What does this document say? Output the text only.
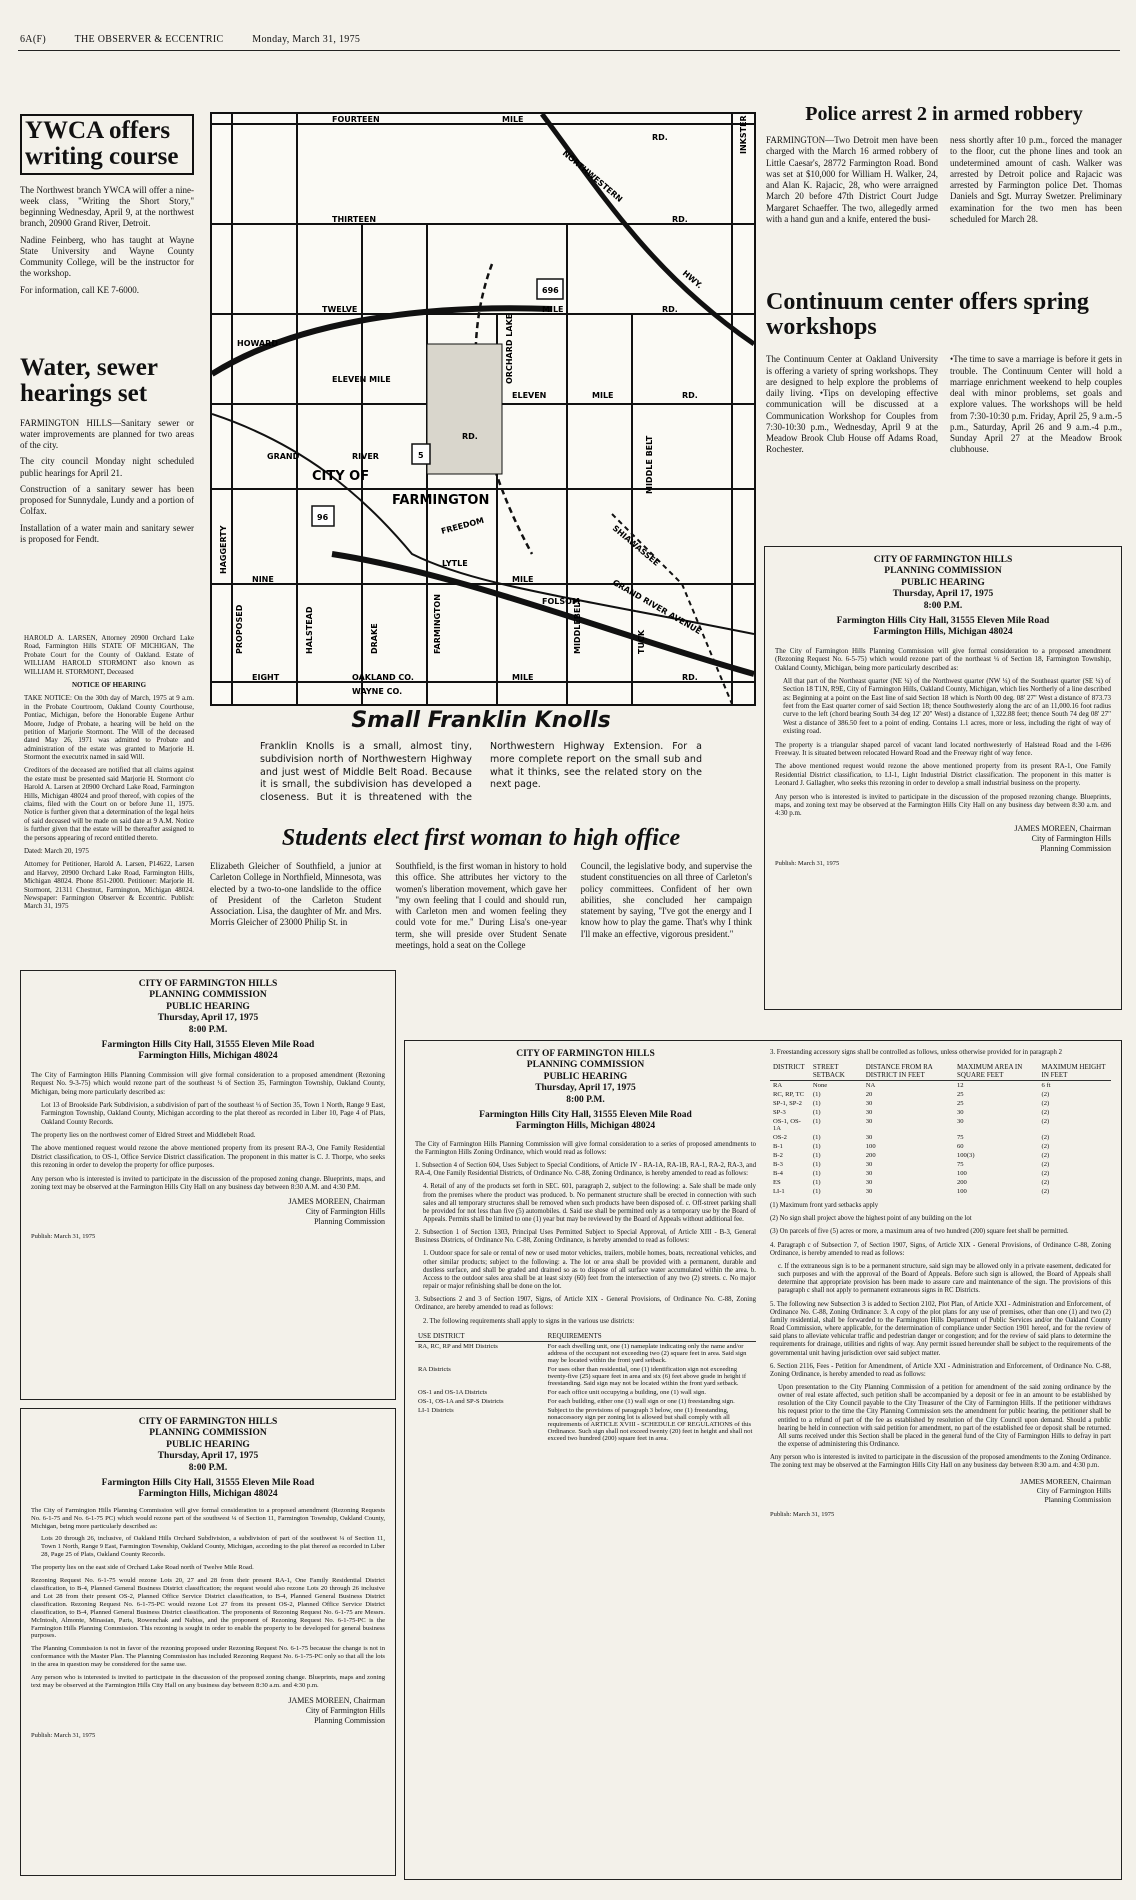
6A(F)	THE OBSERVER & ECCENTRIC	Monday, March 31, 1975
YWCA offers writing course

The Northwest branch YWCA will offer a nine-week class, "Writing the Short Story," beginning Wednesday, April 9, at the northwest branch, 20900 Grand River, Detroit.

Nadine Feinberg, who has taught at Wayne State University and Wayne County Community College, will be the instructor for the workshop.

For information, call KE 7-6000.

Water, sewer hearings set

FARMINGTON HILLS—Sanitary sewer or water improvements are planned for two areas of the city.

The city council Monday night scheduled public hearings for April 21.

Construction of a sanitary sewer has been proposed for Sunnydale, Lundy and a portion of Colfax.

Installation of a water main and sanitary sewer is proposed for Fendt.

HAROLD A. LARSEN, Attorney 20900 Orchard Lake Road, Farmington Hills STATE OF MICHIGAN, The Probate Court for the County of Oakland. Estate of WILLIAM HAROLD STORMONT also known as WILLIAM H. STORMONT, Deceased

NOTICE OF HEARING

TAKE NOTICE: On the 30th day of March, 1975 at 9 a.m. in the Probate Courtroom, Oakland County Courthouse, Pontiac, Michigan, before the Honorable Eugene Arthur Moore, Judge of Probate, a hearing will be held on the petition of Marjorie Stormont. The Will of the deceased dated May 26, 1971 was admitted to Probate and administration of the estate was granted to Marjorie H. Stormont the executrix named in said Will.

Creditors of the deceased are notified that all claims against the estate must be presented said Marjorie H. Stormont c/o Harold A. Larsen at 20900 Orchard Lake Road, Farmington Hills, Michigan 48024 and proof thereof, with copies of the claims, filed with the Court on or before June 11, 1975. Notice is further given that a determination of the legal heirs of said deceased will be made on said date at 9 A.M. Notice is further given that the estate will be thereafter assigned to the persons appearing of record entitled thereto.

Dated: March 20, 1975

Attorney for Petitioner, Harold A. Larsen, P14622, Larsen and Harvey, 20900 Orchard Lake Road, Farmington Hills, Michigan 48024. Phone 851-2000. Petitioner: Marjorie H. Stormont, 21311 Chestnut, Farmington, Michigan 48024. Newspaper: Farmington Observer & Eccentric. Publish: March 31, 1975

FOURTEEN	MILE
RD.
THIRTEEN	RD.
TWELVE	MILE	RD.
HOWARD
ELEVEN MILE
ELEVEN	MILE	RD.
GRAND	RIVER
RD.
CITY OF
FARMINGTON
NINE	MILE
EIGHT	OAKLAND CO.
WAYNE CO.
MILE	RD.
NORTHWESTERN
HWY.
INKSTER
HAGGERTY
PROPOSED	HALSTEAD	DRAKE	FARMINGTON
ORCHARD LAKE
MIDDLEBELT	TUCK
GRAND RIVER AVENUE
FREEDOM	SHIAWASSEE
FOLSOM
MIDDLE BELT
LYTLE
696
96
5
Small Franklin Knolls
Franklin Knolls is a small, almost tiny, subdivision north of Northwestern Highway and just west of Middle Belt Road. Because it is small, the subdivision has developed a closeness. But it is threatened with the Northwestern Highway Extension. For a more complete report on the small sub and what it thinks, see the related story on the next page.
Students elect first woman to high office
Elizabeth Gleicher of Southfield, a junior at Carleton College in Northfield, Minnesota, was elected by a two-to-one landslide to the office of President of the Carleton Student Association. Lisa, the daughter of Mr. and Mrs. Morris Gleicher of 23000 Philip St. in
Southfield, is the first woman in history to hold this office. She attributes her victory to the women's liberation movement, which gave her "my own feeling that I could and should run, with Carleton men and women feeling they could vote for me." During Lisa's one-year term, she will preside over Student Senate meetings, hold a seat on the College
Council, the legislative body, and supervise the student constituencies on all three of Carleton's policy committees. Confident of her own abilities, she concluded her campaign statement by saying, "I've got the energy and I know how to play the game. That's why I think I'll make an effective, vigorous president."
Police arrest 2 in armed robbery
FARMINGTON—Two Detroit men have been charged with the March 16 armed robbery of Little Caesar's, 28772 Farmington Road. Bond was set at $10,000 for William H. Walker, 24, and Alan K. Rajacic, 28, who were arraigned March 20 before 47th District Court Judge Margaret Schaeffer. The two, allegedly armed with a hand gun and a knife, entered the busi-
ness shortly after 10 p.m., forced the manager to the floor, cut the phone lines and took an undetermined amount of cash. Walker was arrested by Detroit police and Rajacic was arrested by Farmington police Det. Thomas Daniels and Sgt. Murray Swetzer. Preliminary examination for the two men has been scheduled for March 28.
Continuum center offers spring workshops
The Continuum Center at Oakland University is offering a variety of spring workshops. They are designed to help explore the problems of daily living. •Tips on developing effective communication will be discussed at a Communication Workshop for Couples from 7:30-10:30 p.m., Wednesday, April 9 at the Meadow Brook Club House off Adams Road, Rochester.
•The time to save a marriage is before it gets in trouble. The Continuum Center will hold a marriage enrichment weekend to help couples deal with minor problems, set goals and explore values. The workshops will be held from 7:30-10:30 p.m. Friday, April 25, 9 a.m.-5 p.m., Saturday, April 26 and 9 a.m.-4 p.m., Sunday April 27 at the Meadow Brook clubhouse.
CITY OF FARMINGTON HILLS
PLANNING COMMISSION
PUBLIC HEARING
Thursday, April 17, 1975
8:00 P.M.
Farmington Hills City Hall, 31555 Eleven Mile Road
Farmington Hills, Michigan 48024

The City of Farmington Hills Planning Commission will give formal consideration to a proposed amendment (Rezoning Request No. 6-5-75) which would rezone part of the northeast ¼ of Section 18, Farmington Township, Oakland County, Michigan, being more particularly described as:

All that part of the Northeast quarter (NE ¼) of the Northwest quarter (NW ¼) of the Southeast quarter (SE ¼) of Section 18 T1N, R9E, City of Farmington Hills, Oakland County, Michigan, which lies Northerly of a line described as: Beginning at a point on the East line of said Section 18 which is North 00 deg. 08' 27" West a distance of 873.73 feet from the East quarter corner of said Section 18; thence Southwesterly along the arc of an 11,000.16 foot radius curve to the left (chord bearing South 34 deg 12' 20" West) a distance of 1,322.88 feet; thence South 74 deg 08' 27" West a distance of 386.50 feet to a point of ending. Contains 1.1 acres, more or less, including the right of way of existing road.

The property is a triangular shaped parcel of vacant land located northwesterly of Halstead Road and the I-696 Freeway. It is situated between relocated Howard Road and the Freeway right of way fence.

The above mentioned request would rezone the above mentioned property from its present RA-1, One Family Residential District classification, to LI-1, Light Industrial District classification. The proponent in this matter is Leonard J. Gallagher, who seeks this rezoning in order to develop a small industrial business on the property.

Any person who is interested is invited to participate in the discussion of the proposed rezoning change. Blueprints, maps, and zoning text may be observed at the Farmington Hills City Hall on any business day between 8:30 a.m. and 4:30 p.m.

JAMES MOREEN, Chairman
City of Farmington Hills
Planning Commission
Publish: March 31, 1975
CITY OF FARMINGTON HILLS
PLANNING COMMISSION
PUBLIC HEARING
Thursday, April 17, 1975
8:00 P.M.
Farmington Hills City Hall, 31555 Eleven Mile Road
Farmington Hills, Michigan 48024

The City of Farmington Hills Planning Commission will give formal consideration to a proposed amendment (Rezoning Request No. 9-3-75) which would rezone part of the southeast ¼ of Section 35, Farmington Township, Oakland County, Michigan, being more particularly described as:

Lot 13 of Brookside Park Subdivision, a subdivision of part of the southeast ¼ of Section 35, Town 1 North, Range 9 East, Farmington Township, Oakland County, Michigan according to the plat thereof as recorded in Liber 10, Page 4 of Plats, Oakland County Records.

The property lies on the northwest corner of Eldred Street and Middlebelt Road.

The above mentioned request would rezone the above mentioned property from its present RA-3, One Family Residential District classification, to OS-1, Office Service District classification. The proponent in this matter is C. J. Thorpe, who seeks this rezoning in order to develop the property for office purposes.

Any person who is interested is invited to participate in the discussion of the proposed zoning change. Blueprints, maps, and zoning text may be observed at the Farmington Hills City Hall on any business day between 8:30 A.M. and 4:30 P.M.

JAMES MOREEN, Chairman
City of Farmington Hills
Planning Commission
Publish: March 31, 1975
CITY OF FARMINGTON HILLS
PLANNING COMMISSION
PUBLIC HEARING
Thursday, April 17, 1975
8:00 P.M.
Farmington Hills City Hall, 31555 Eleven Mile Road
Farmington Hills, Michigan 48024

The City of Farmington Hills Planning Commission will give formal consideration to a proposed amendment (Rezoning Requests No. 6-1-75 and No. 6-1-75 PC) which would rezone part of the southwest ¼ of Section 11, Farmington Township, Oakland County, Michigan, being more particularly described as:

Lots 20 through 26, inclusive, of Oakland Hills Orchard Subdivision, a subdivision of part of the southwest ¼ of Section 11, Town 1 North, Range 9 East, Farmington Township, Oakland County, Michigan, according to the plat thereof as recorded in Liber 28, Page 25 of Plats, Oakland County Records.

The property lies on the east side of Orchard Lake Road north of Twelve Mile Road.

Rezoning Request No. 6-1-75 would rezone Lots 20, 27 and 28 from their present RA-1, One Family Residential District classification, to B-4, Planned General Business District classification; the request would also rezone Lots 20 through 26 inclusive and Lot 28 from their present OS-2, Planned Office Service District classification, to B-4, Planned General Business District classification. Rezoning Request No. 6-1-75-PC would rezone Lot 27 from its present OS-2, Planned Office Service District classification, to B-4, Planned General Business District classification. The proponents of Rezoning Request No. 6-1-75 are Messrs. McIntosh, Almonte, Minasian, Paris, Rowenchak and Nabiss, and the proponent of Rezoning Request No. 6-1-75-PC is the Farmington Hills Planning Commission. This rezoning is sought in order to enable the property to be developed for general business purposes.

The Planning Commission is not in favor of the rezoning proposed under Rezoning Request No. 6-1-75 because the change is not in conformance with the Master Plan. The Planning Commission has included Rezoning Request No. 6-1-75-PC only so that all the lots in the area in question may be considered for the same use.

Any person who is interested is invited to participate in the discussion of the proposed zoning change. Blueprints, maps and zoning text may be observed at the Farmington Hills City Hall on any business day between 8:30 a.m. and 4:30 p.m.

JAMES MOREEN, Chairman
City of Farmington Hills
Planning Commission
Publish: March 31, 1975
CITY OF FARMINGTON HILLS
PLANNING COMMISSION
PUBLIC HEARING
Thursday, April 17, 1975
8:00 P.M.
Farmington Hills City Hall, 31555 Eleven Mile Road
Farmington Hills, Michigan 48024

The City of Farmington Hills Planning Commission will give formal consideration to a series of proposed amendments to the Farmington Hills Zoning Ordinance, which would read as follows:

1. Subsection 4 of Section 604, Uses Subject to Special Conditions, of Article IV - RA-1A, RA-1B, RA-1, RA-2, RA-3, and RA-4, One Family Residential Districts, of Ordinance No. C-88, Zoning Ordinance, is hereby amended to read as follows:

4. Retail of any of the products set forth in SEC. 601, paragraph 2, subject to the following: a. Sale shall be made only from the premises where the product was produced. b. No permanent structure shall be erected in connection with such sales and all temporary structures shall be removed when such products have been disposed of. c. Off-street parking shall be provided for not less than five (5) automobiles. d. Said use shall be permitted only as a temporary use by the Board of Appeals. Permits shall be limited to one (1) year but may be reviewed by the Board of Appeals without additional fee.

2. Subsection 1 of Section 1303, Principal Uses Permitted Subject to Special Approval, of Article XIII - B-3, General Business Districts, of Ordinance No. C-88, Zoning Ordinance, is hereby amended to read as follows:

1. Outdoor space for sale or rental of new or used motor vehicles, trailers, mobile homes, boats, recreational vehicles, and other similar products; subject to the following: a. The lot or area shall be provided with a permanent, durable and dustless surface, and shall be graded and drained so as to dispose of all surface water accumulated within the area. b. Access to the outdoor sales area shall be at least sixty (60) feet from the intersection of any two (2) streets. c. No major repair or major refinishing shall be done on the lot.

3. Subsections 2 and 3 of Section 1907, Signs, of Article XIX - General Provisions, of Ordinance No. C-88, Zoning Ordinance, are hereby amended to read as follows:

2. The following requirements shall apply to signs in the various use districts:

USE DISTRICT	REQUIREMENTS
RA, RC, RP and MH Districts	For each dwelling unit, one (1) nameplate indicating only the name and/or address of the occupant not exceeding two (2) square feet in area. Said sign may be located within the front yard setback.
RA Districts	For uses other than residential, one (1) identification sign not exceeding twenty-five (25) square feet in area and six (6) feet above grade in height if freestanding. Said sign may not be located within the front yard setback.
OS-1 and OS-1A Districts	For each office unit occupying a building, one (1) wall sign.
OS-1, OS-1A and SP-S Districts	For each building, either one (1) wall sign or one (1) freestanding sign.
LI-1 Districts	Subject to the provisions of paragraph 3 below, one (1) freestanding, nonaccessory sign per zoning lot is allowed but shall comply with all requirements of ARTICLE XVIII - SCHEDULE OF REGULATIONS of this Ordinance. Such sign shall not exceed twenty (20) feet in height and shall not exceed two hundred (200) square feet in area.

3. Freestanding accessory signs shall be controlled as follows, unless otherwise provided for in paragraph 2

DISTRICT	STREET SETBACK	DISTANCE FROM RA DISTRICT IN FEET	MAXIMUM AREA IN SQUARE FEET	MAXIMUM HEIGHT IN FEET
RA	None	NA	12	6 ft
RC, RP, TC	(1)	20	25	(2)
SP-1, SP-2	(1)	30	25	(2)
SP-3	(1)	30	30	(2)
OS-1, OS-1A	(1)	30	30	(2)
OS-2	(1)	30	75	(2)
B-1	(1)	100	60	(2)
B-2	(1)	200	100(3)	(2)
B-3	(1)	30	75	(2)
B-4	(1)	30	100	(2)
ES	(1)	30	200	(2)
LI-1	(1)	30	100	(2)

(1) Maximum front yard setbacks apply

(2) No sign shall project above the highest point of any building on the lot

(3) On parcels of five (5) acres or more, a maximum area of two hundred (200) square feet shall be permitted.

4. Paragraph c of Subsection 7, of Section 1907, Signs, of Article XIX - General Provisions, of Ordinance C-88, Zoning Ordinance, is hereby amended to read as follows:

c. If the extraneous sign is to be a permanent structure, said sign may be allowed only in a private easement, dedicated for such purposes and with the approval of the Board of Appeals. Before such sign is allowed, the Board of Appeals shall determine that appropriate provision has been made to assure care and maintenance of the sign. The provisions of this paragraph c shall not apply to permanent extraneous signs in RC Districts.

5. The following new Subsection 3 is added to Section 2102, Plot Plan, of Article XXI - Administration and Enforcement, of Ordinance No. C-88, Zoning Ordinance: 3. A copy of the plot plans for any use of premises, other than one (1) and two (2) family residential, shall be forwarded to the Farmington Hills Department of Public Services and/or the Oakland County Road Commission, where applicable, for the determination of compliance under Section 1901 hereof, and for the review of said plans to alleviate vehicular traffic and pedestrian danger or congestion; and for the review of said plans to determine the requirements for drainage, utilities and rights of way. Any permit issued hereunder shall be subject to the requirements of the governmental unit having jurisdiction over said subject matter.

6. Section 2116, Fees - Petition for Amendment, of Article XXI - Administration and Enforcement, of Ordinance No. C-88, Zoning Ordinance, is hereby amended to read as follows:

Upon presentation to the City Planning Commission of a petition for amendment of the said zoning ordinance by the owner of real estate affected, such petition shall be accompanied by a deposit or fee in an amount to be established by resolution of the City Council payable to the City Treasurer of the City of Farmington Hills. If the petitioner withdraws his request prior to the time the City Planning Commission sets the amendment for public hearing, the petitioner shall be entitled to a refund of part of the fee as established by resolution of the City Council upon demand. Should a public hearing be held in connection with said petition for amendment, no part of the established fee or deposit shall be returned. All sums received under this Section shall be placed in the general fund of the City of Farmington Hills to defray in part the expense of administering this Ordinance.

Any person who is interested is invited to participate in the discussion of the proposed amendments to the Zoning Ordinance. The zoning text may be observed at the Farmington Hills City Hall on any business day between 8:30 a.m. and 4:30 p.m.

JAMES MOREEN, Chairman
City of Farmington Hills
Planning Commission
Publish: March 31, 1975
